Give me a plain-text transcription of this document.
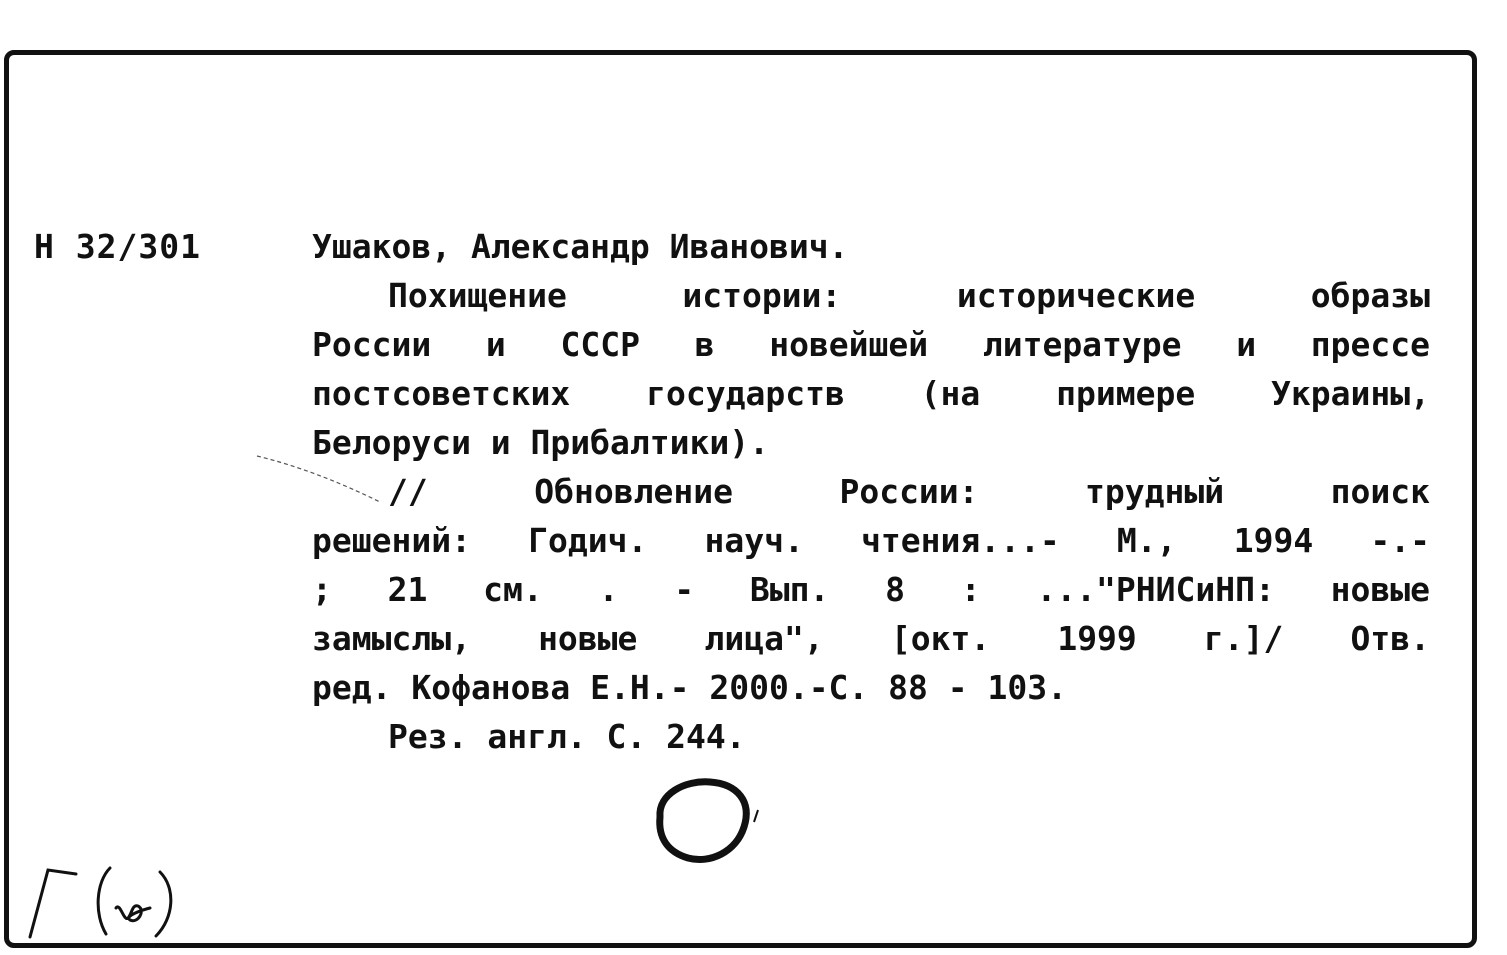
Н 32/301	Ушаков, Александр Иванович.
Похищение истории: исторические образы
России и СССР в новейшей литературе и прессе
постсоветских государств (на примере Украины,
Белоруси и Прибалтики).
// Обновление России: трудный поиск
решений: Годич. науч. чтения...- М., 1994 -.-
; 21 см. . - Вып. 8 : ..."РНИСиНП: новые
замыслы, новые лица", [окт. 1999 г.]/ Отв.
ред. Кофанова Е.Н.- 2000.-С. 88 - 103.
Рез. англ. С. 244.
